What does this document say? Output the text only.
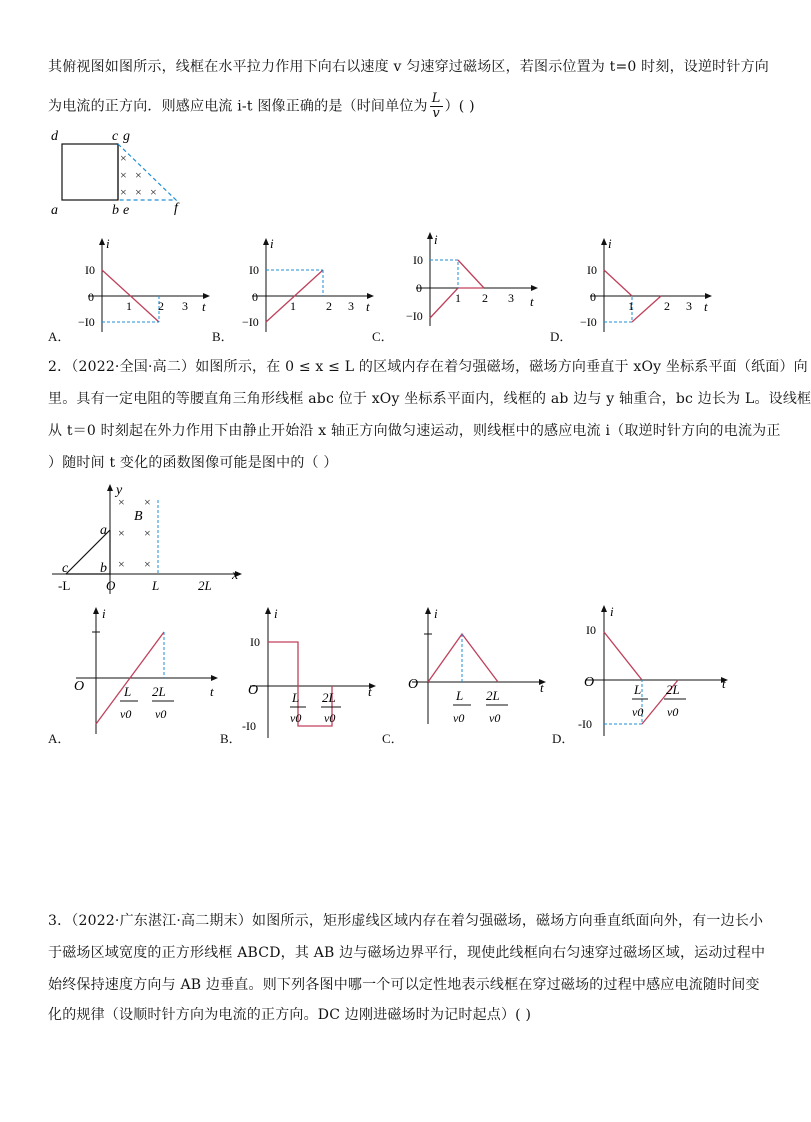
其俯视图如图所示，线框在水平拉力作用下向右以速度 v 匀速穿过磁场区，若图示位置为 t=0 时刻，设逆时针方向
为电流的正方向．则感应电流 i-t 图像正确的是（时间单位为 $\frac{L}{v}$ ）( )
×
× ×
× × ×
d	c g
a	b e	f
i
t
I0
0
−I0
1 2 3
A．
i
t
I0
0
−I0
1	2 3
B．
i
t
I0
0
−I0
1 2 3
C．
i
t
I0
0
−I0
1	2 3
D．
2．（2022·全国·高二）如图所示，在 0 ≤ x ≤ L 的区域内存在着匀强磁场，磁场方向垂直于 xOy 坐标系平面（纸面）向
里。具有一定电阻的等腰直角三角形线框 abc 位于 xOy 坐标系平面内，线框的 ab 边与 y 轴重合，bc 边长为 L。设线框
从 t＝0 时刻起在外力作用下由静止开始沿 x 轴正方向做匀速运动，则线框中的感应电流 i（取逆时针方向的电流为正
）随时间 t 变化的函数图像可能是图中的（ ）
× ×
× ×
× ×
y
x
a
b
c
B
-L	O	L	2L
i
t
O	L
v0
2L
v0
A．
i
t
I0
O
-I0
L
v0
2L
v0
B．
i
t
O
L
v0
2L
v0
C．
i
t
I0
O
-I0
L
v0
2L
v0
D．
3．（2022·广东湛江·高二期末）如图所示，矩形虚线区域内存在着匀强磁场，磁场方向垂直纸面向外，有一边长小
于磁场区域宽度的正方形线框 ABCD，其 AB 边与磁场边界平行，现使此线框向右匀速穿过磁场区域，运动过程中
始终保持速度方向与 AB 边垂直。则下列各图中哪一个可以定性地表示线框在穿过磁场的过程中感应电流随时间变
化的规律（设顺时针方向为电流的正方向。DC 边刚进磁场时为记时起点）( )
